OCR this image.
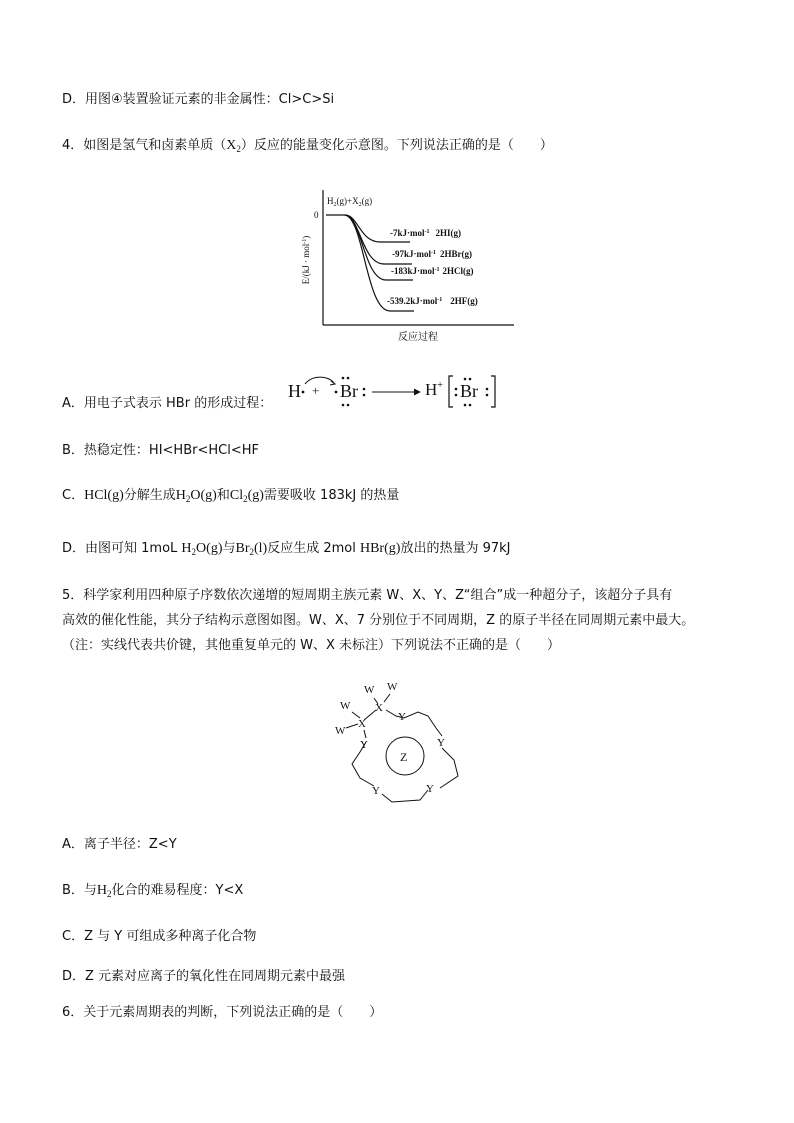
D．用图④装置验证元素的非金属性：Cl>C>Si
4．如图是氢气和卤素单质$(X_2)$反应的能量变化示意图。下列说法正确的是（　　）
E/(kJ · mol$^{-1}$)
0
$H_2(g)+X_2(g)$
-7kJ·mol$^{-1}$ 2HI(g)
-97kJ·mol$^{-1}$ 2HBr(g)
-183kJ·mol$^{-1}$ 2HCl(g)
-539.2kJ·mol$^{-1}$ 2HF(g)
反应过程
A．用电子式表示 HBr 的形成过程：
H + Br	H+ Br
B．热稳定性：HI<HBr<HCl<HF
C．HCl(g)分解生成$H_2O(g)$和$Cl_2(g)$需要吸收 183kJ 的热量
D．由图可知 1moL $H_2O(g)$与$Br_2(l)$反应生成 2mol HBr(g)放出的热量为 97kJ
5．科学家利用四种原子序数依次递增的短周期主族元素 W、X、Y、Z“组合”成一种超分子，该超分子具有
高效的催化性能，其分子结构示意图如图。W、X、7 分别位于不同周期，Z 的原子半径在同周期元素中最大。
（注：实线代表共价键，其他重复单元的 W、X 未标注）下列说法不正确的是（　　）
W W
X
W
X
W
Y
Y	Y
Y	Y
Z
A．离子半径：Z<Y
B．与$H_2$化合的难易程度：Y<X
C．Z 与 Y 可组成多种离子化合物
D．Z 元素对应离子的氧化性在同周期元素中最强
6．关于元素周期表的判断，下列说法正确的是（　　）
